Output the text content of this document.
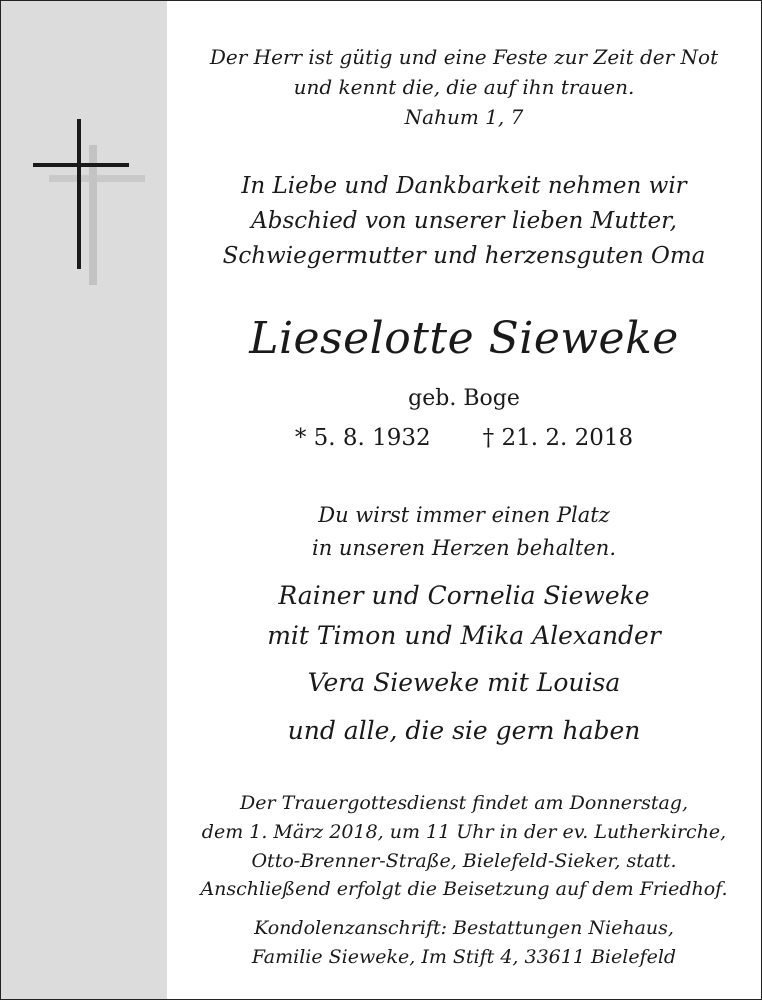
Der Herr ist gütig und eine Feste zur Zeit der Not
und kennt die, die auf ihn trauen.
Nahum 1, 7
In Liebe und Dankbarkeit nehmen wir
Abschied von unserer lieben Mutter,
Schwiegermutter und herzensguten Oma
Lieselotte Sieweke
geb. Boge
* 5. 8. 1932 † 21. 2. 2018
Du wirst immer einen Platz
in unseren Herzen behalten.
Rainer und Cornelia Sieweke
mit Timon und Mika Alexander
Vera Sieweke mit Louisa
und alle, die sie gern haben
Der Trauergottesdienst findet am Donnerstag,
dem 1. März 2018, um 11 Uhr in der ev. Lutherkirche,
Otto-Brenner-Straße, Bielefeld-Sieker, statt.
Anschließend erfolgt die Beisetzung auf dem Friedhof.
Kondolenzanschrift: Bestattungen Niehaus,
Familie Sieweke, Im Stift 4, 33611 Bielefeld
